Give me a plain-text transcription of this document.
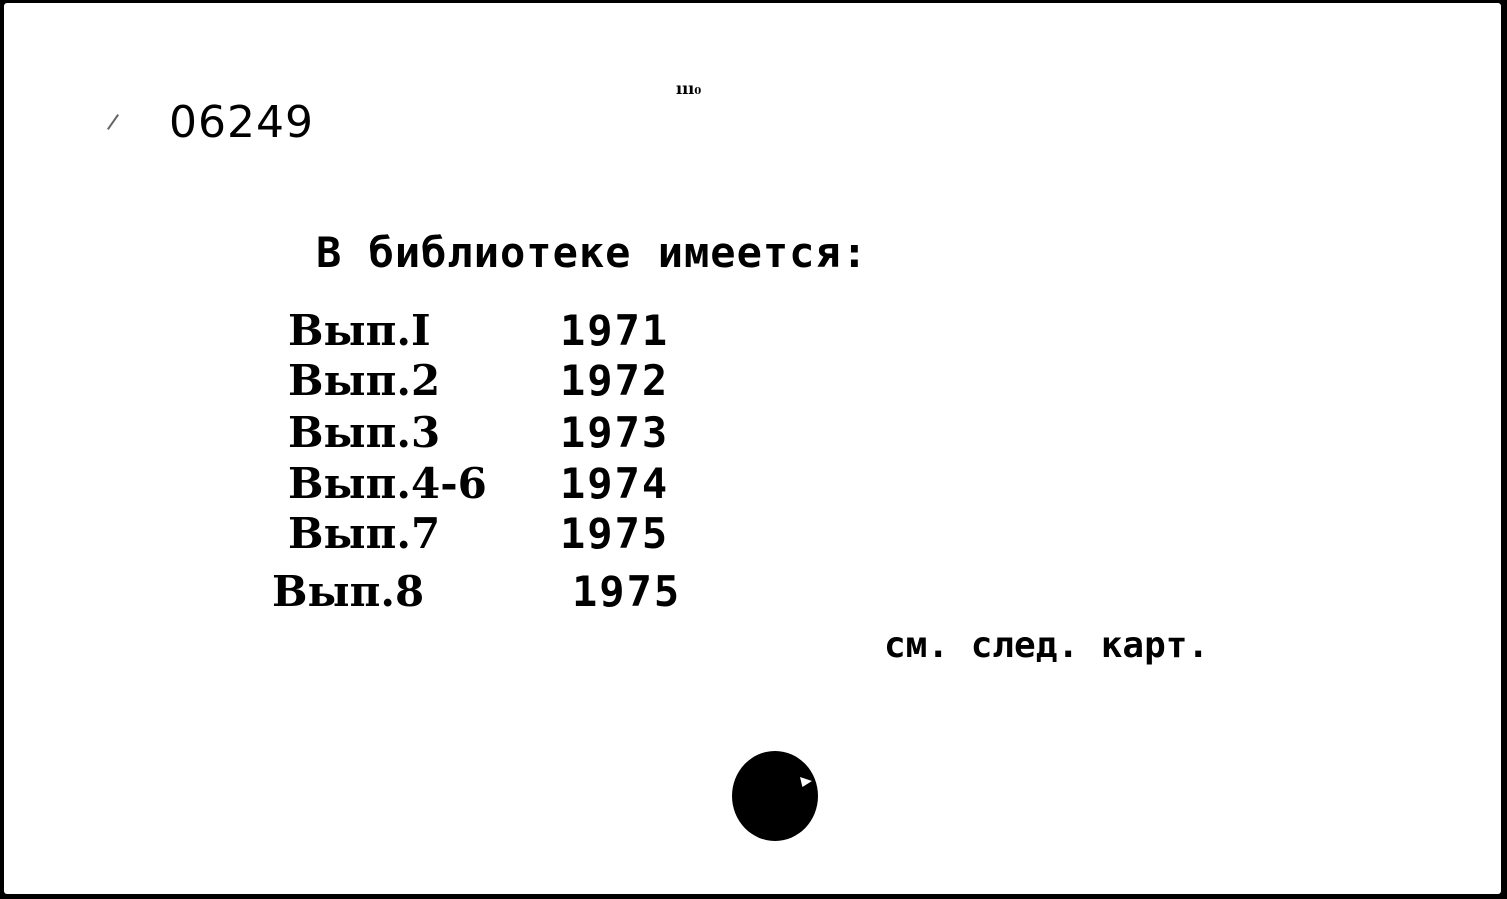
ııı₀
06249
В библиотеке имеется:
Вып.I	1971
Вып.2	1972
Вып.3	1973
Вып.4-6 1974
Вып.7	1975
Вып.8	1975
см. след. карт.
